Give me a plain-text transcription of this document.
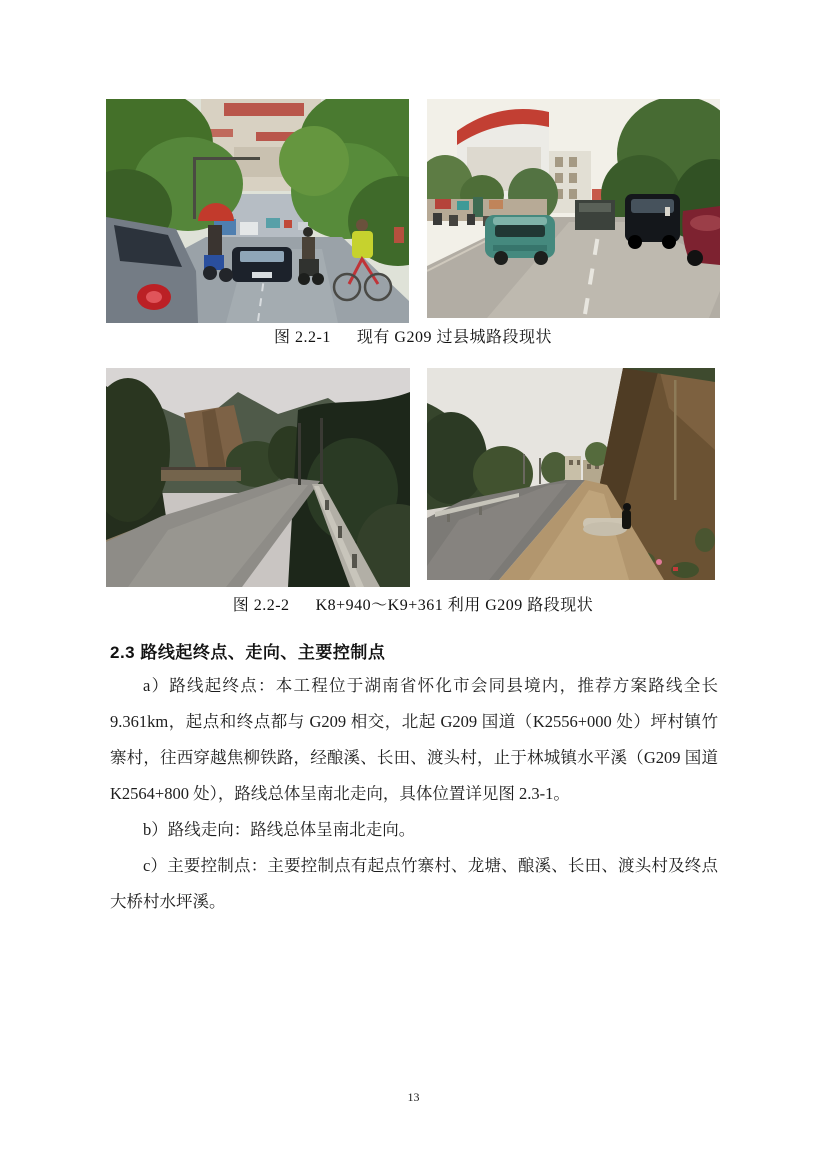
图 2.2-1 现有 G209 过县城路段现状
图 2.2-2 K8+940～K9+361 利用 G209 路段现状
2.3 路线起终点、走向、主要控制点

a）路线起终点：本工程位于湖南省怀化市会同县境内，推荐方案路线全长9.361km，起点和终点都与 G209 相交，北起 G209 国道（K2556+000 处）坪村镇竹寨村，往西穿越焦柳铁路，经酿溪、长田、渡头村，止于林城镇水平溪（G209 国道K2564+800 处），路线总体呈南北走向，具体位置详见图 2.3-1。

b）路线走向：路线总体呈南北走向。

c）主要控制点：主要控制点有起点竹寨村、龙塘、酿溪、长田、渡头村及终点大桥村水坪溪。

13
